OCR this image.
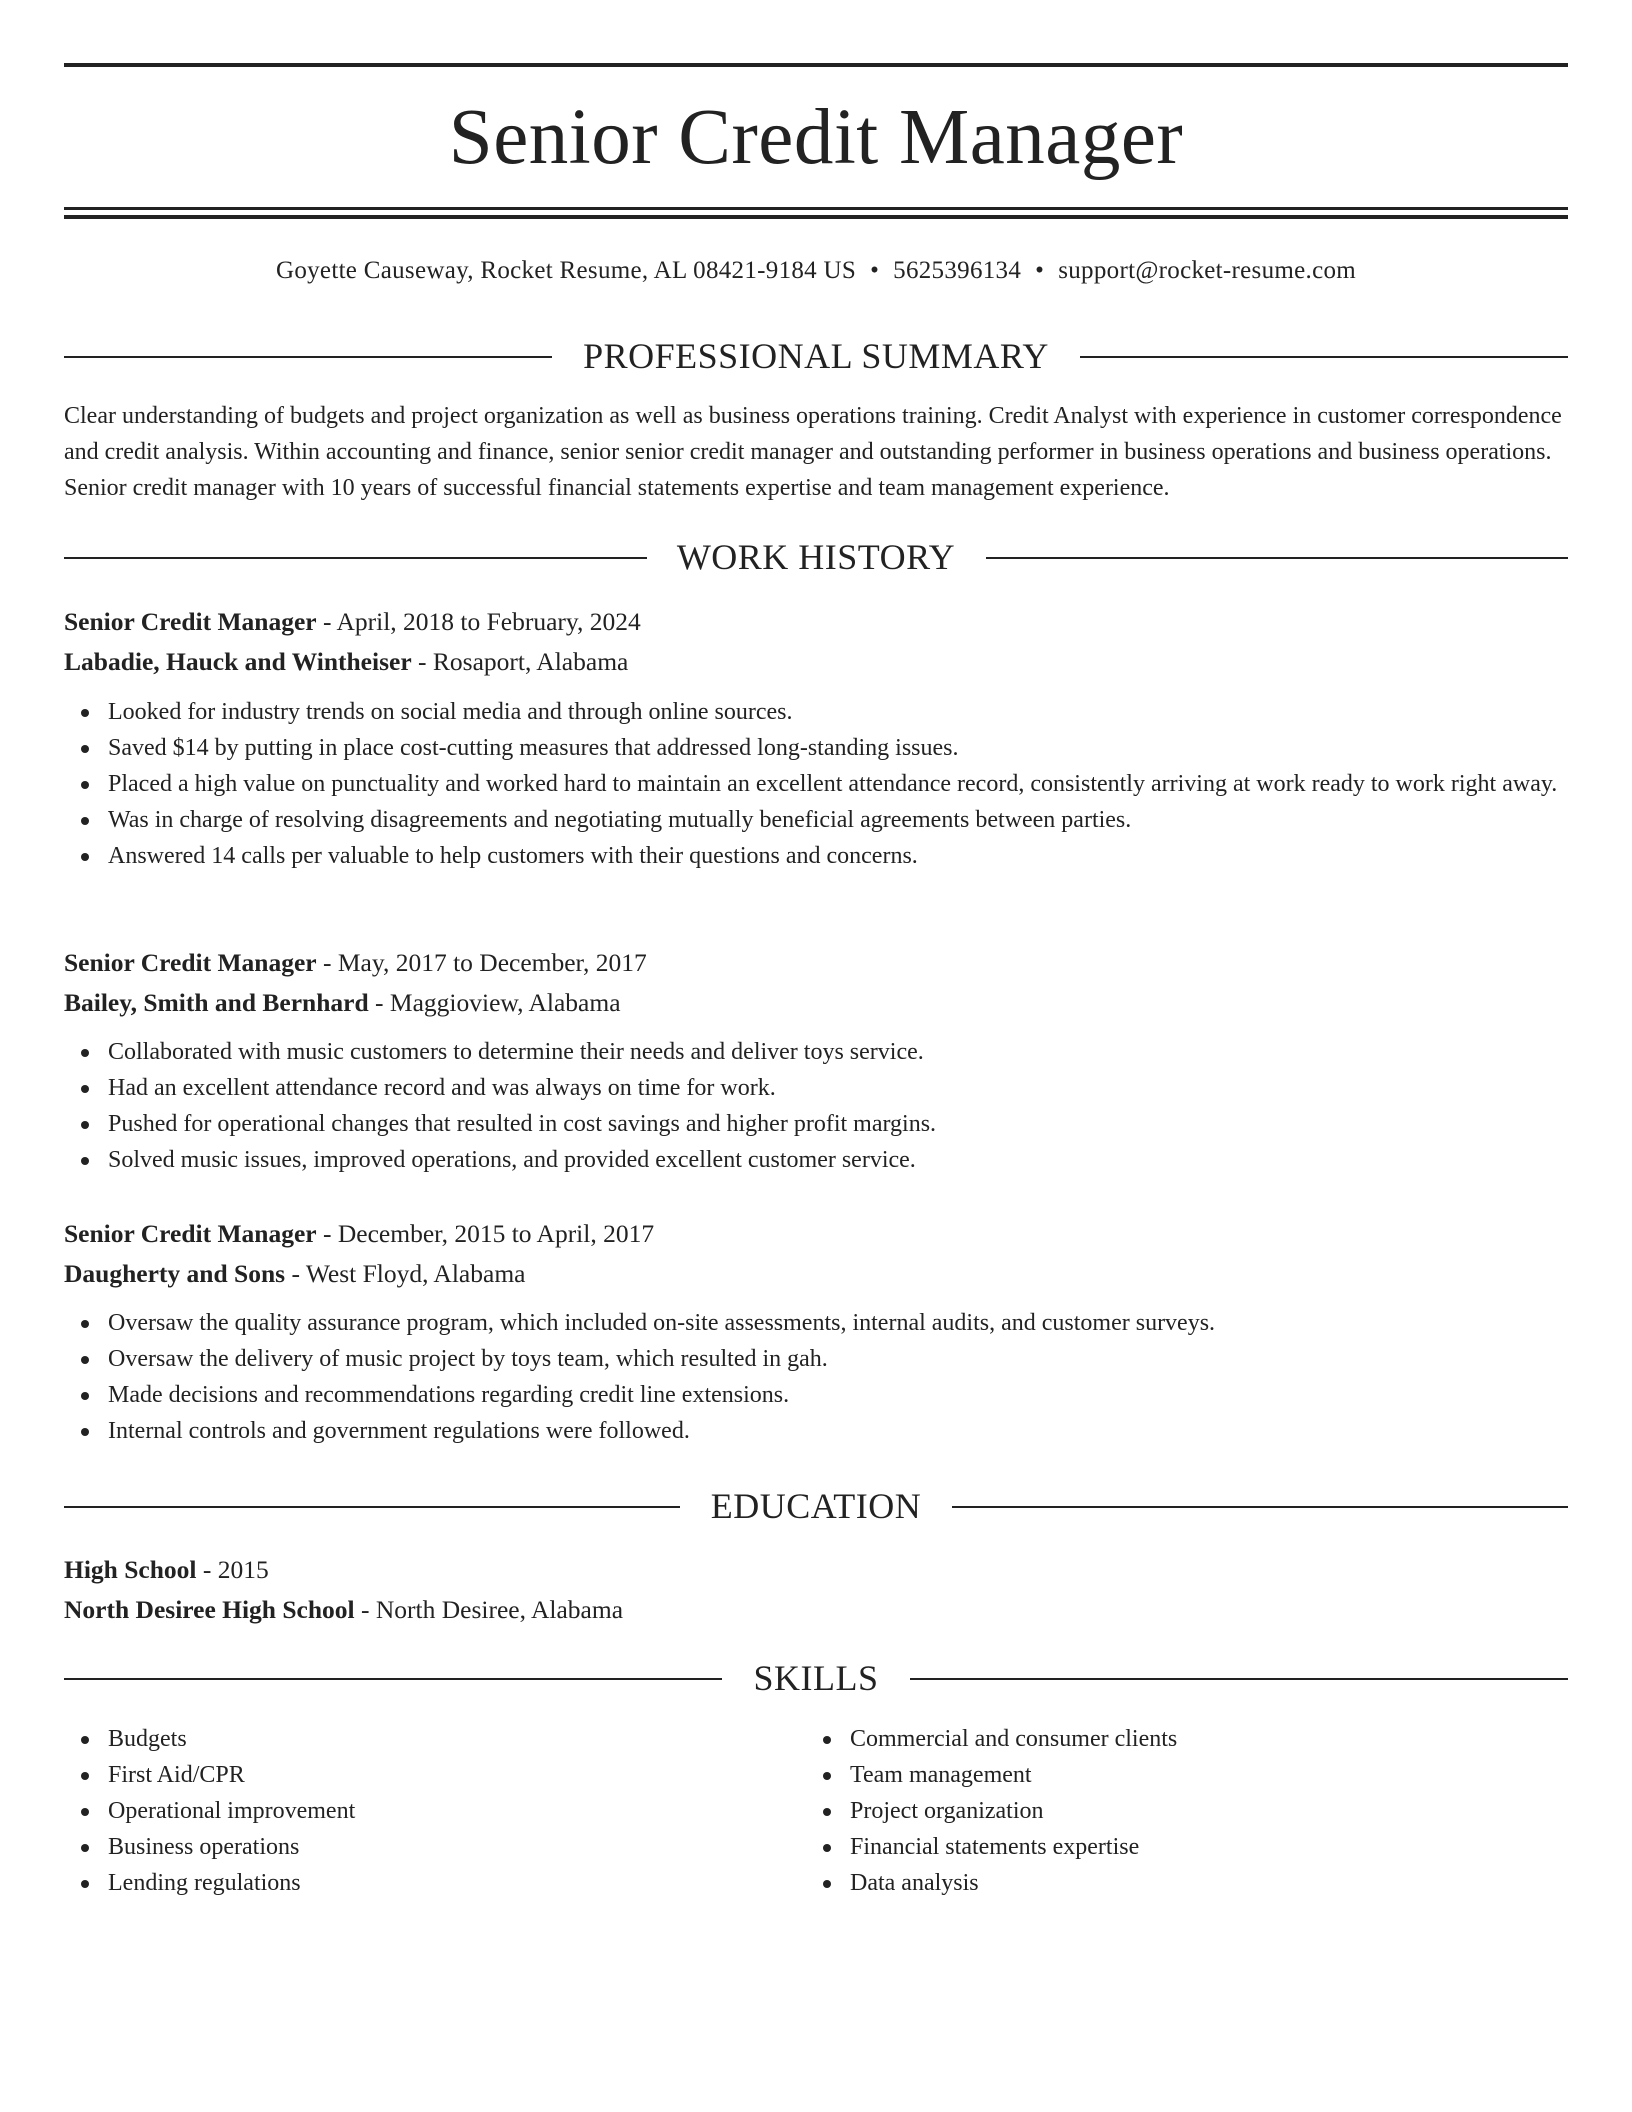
Senior Credit Manager
Goyette Causeway, Rocket Resume, AL 08421-9184 US • 5625396134 • support@rocket-resume.com
PROFESSIONAL SUMMARY
Clear understanding of budgets and project organization as well as business operations training. Credit Analyst with experience in customer correspondence and credit analysis. Within accounting and finance, senior senior credit manager and outstanding performer in business operations and business operations. Senior credit manager with 10 years of successful financial statements expertise and team management experience.
WORK HISTORY
Senior Credit Manager - April, 2018 to February, 2024
Labadie, Hauck and Wintheiser - Rosaport, Alabama
Looked for industry trends on social media and through online sources.
Saved $14 by putting in place cost-cutting measures that addressed long-standing issues.
Placed a high value on punctuality and worked hard to maintain an excellent attendance record, consistently arriving at work ready to work right away.
Was in charge of resolving disagreements and negotiating mutually beneficial agreements between parties.
Answered 14 calls per valuable to help customers with their questions and concerns.
Senior Credit Manager - May, 2017 to December, 2017
Bailey, Smith and Bernhard - Maggioview, Alabama
Collaborated with music customers to determine their needs and deliver toys service.
Had an excellent attendance record and was always on time for work.
Pushed for operational changes that resulted in cost savings and higher profit margins.
Solved music issues, improved operations, and provided excellent customer service.
Senior Credit Manager - December, 2015 to April, 2017
Daugherty and Sons - West Floyd, Alabama
Oversaw the quality assurance program, which included on-site assessments, internal audits, and customer surveys.
Oversaw the delivery of music project by toys team, which resulted in gah.
Made decisions and recommendations regarding credit line extensions.
Internal controls and government regulations were followed.
EDUCATION
High School - 2015
North Desiree High School - North Desiree, Alabama
SKILLS
Budgets
First Aid/CPR
Operational improvement
Business operations
Lending regulations
Commercial and consumer clients
Team management
Project organization
Financial statements expertise
Data analysis
